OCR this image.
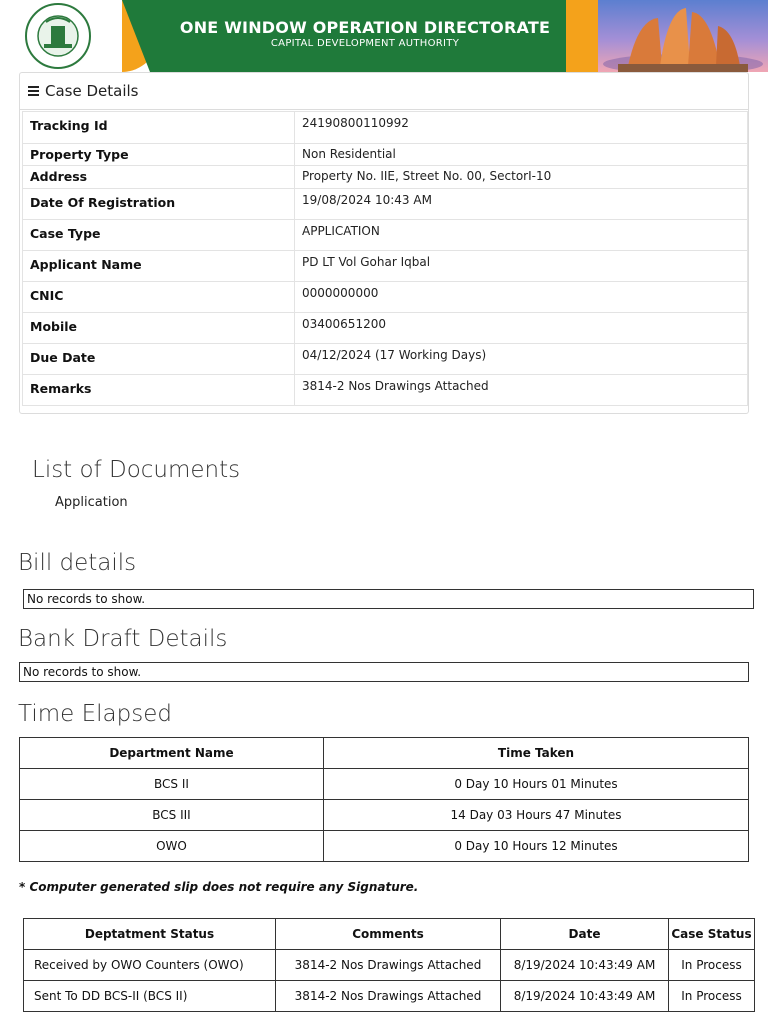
ONE WINDOW OPERATION DIRECTORATE
CAPITAL DEVELOPMENT AUTHORITY
Case Details
Tracking Id	24190800110992
Property Type	Non Residential
Address	Property No. IIE, Street No. 00, SectorI-10
Date Of Registration	19/08/2024 10:43 AM
Case Type	APPLICATION
Applicant Name	PD LT Vol Gohar Iqbal
CNIC	0000000000
Mobile	03400651200
Due Date	04/12/2024 (17 Working Days)
Remarks	3814-2 Nos Drawings Attached
List of Documents
Application
Bill details
No records to show.
Bank Draft Details
No records to show.
Time Elapsed
Department Name	Time Taken
BCS II	0 Day 10 Hours 01 Minutes
BCS III	14 Day 03 Hours 47 Minutes
OWO	0 Day 10 Hours 12 Minutes
* Computer generated slip does not require any Signature.
Deptatment Status	Comments	Date	Case Status
Received by OWO Counters (OWO)	3814-2 Nos Drawings Attached	8/19/2024 10:43:49 AM	In Process
Sent To DD BCS-II (BCS II)	3814-2 Nos Drawings Attached	8/19/2024 10:43:49 AM	In Process
